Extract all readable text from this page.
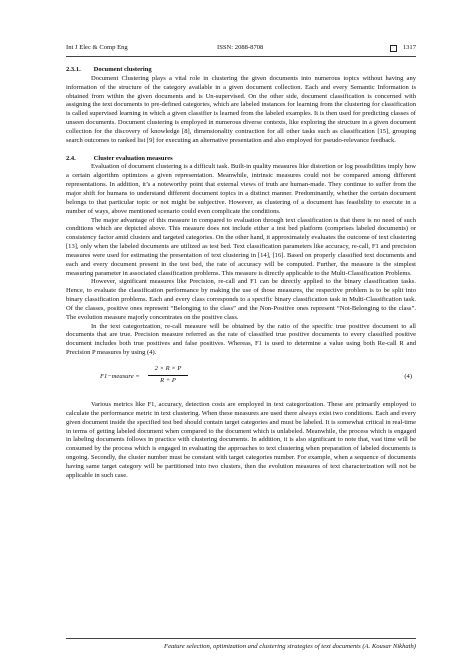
Int J Elec & Comp Eng	ISSN: 2088-8708	1317
2.3.1. Document clustering

Document Clustering plays a vital role in clustering the given documents into numerous topics without having any information of the structure of the category available in a given document collection. Each and every Semantic Information is obtained from within the given documents and is Un-supervised. On the other side, document classification is concerned with assigning the text documents to pre-defined categories, which are labeled instances for learning from the clustering for classification is called supervised learning in which a given classifier is learned from the labeled examples. It is then used for predicting classes of unseen documents. Document clustering is employed in numerous diverse contexts, like exploring the structure in a given document collection for the discovery of knowledge [8], dimensionality contraction for all other tasks such as classification [15], grouping search outcomes to ranked list [9] for executing an alternative presentation and also employed for pseudo-relevance feedback.

2.4.	Cluster evaluation measures

Evaluation of document clustering is a difficult task. Built-in quality measures like distortion or log possibilities imply how a certain algorithm optimizes a given representation. Meanwhile, intrinsic measures could not be compared among different representations. In addition, it’s a noteworthy point that external views of truth are human-made. They continue to suffer from the major shift for humans to understand different document topics in a distinct manner. Predominantly, whether the certain document belongs to that particular topic or not might be subjective. However, as clustering of a document has feasibility to execute in a number of ways, above mentioned scenario could even complicate the conditions.

The major advantage of this measure in compared to evaluation through text classification is that there is no need of such conditions which are depicted above. This measure does not include either a test bed platform (comprises labeled documents) or consistency factor amid clusters and targeted categories. On the other hand, it approximately evaluates the outcome of text clustering [13], only when the labeled documents are utilized as test bed. Text classification parameters like accuracy, re-call, F1 and precision measures were used for estimating the presentation of text clustering in [14], [16]. Based on properly classified text documents and each and every document present in the test bed, the rate of accuracy will be computed. Further, the measure is the simplest measuring parameter in associated classification problems. This measure is directly applicable to the Multi-Classification Problems.

However, significant measures like Precision, re-call and F1 can be directly applied to the binary classification tasks. Hence, to evaluate the classification performance by making the use of those measures, the respective problem is to be split into binary classification problems. Each and every class corresponds to a specific binary classification task in Multi-Classification task. Of the classes, positive ones represent “Belonging to the class” and the Non-Positive ones represent “Not-Belonging to the class”. The evolution measure majorly concentrates on the positive class.

In the text categorization, re-call measure will be obtained by the ratio of the specific true positive document to all documents that are true. Precision measure referred as the rate of classified true positive documents to every classified positive document includes both true positives and false positives. Whereas, F1 is used to determine a value using both Re-call R and Precision P measures by using (4).

F1−measure = $\frac{2 \times R \times P}{R + P}$	(4)

Various metrics like F1, accuracy, detection costs are employed in text categorization. These are primarily employed to calculate the performance metric in text clustering. When these measures are used there always exist two conditions. Each and every given document inside the specified test bed should contain target categories and must be labeled. It is somewhat critical in real-time in terms of getting labeled document when compared to the document which is unlabeled. Meanwhile, the process which is engaged in labeling documents follows in practice with clustering documents. In addition, it is also significant to note that, vast time will be consumed by the process which is engaged in evaluating the approaches to text clustering when preparation of labeled documents is ongoing. Secondly, the cluster number must be constant with target categories number. For example, when a sequence of documents having same target category will be partitioned into two clusters, then the evolution measures of text characterization will not be applicable in such case.

Feature selection, optimization and clustering strategies of text documents (A. Kousar Nikhath)
